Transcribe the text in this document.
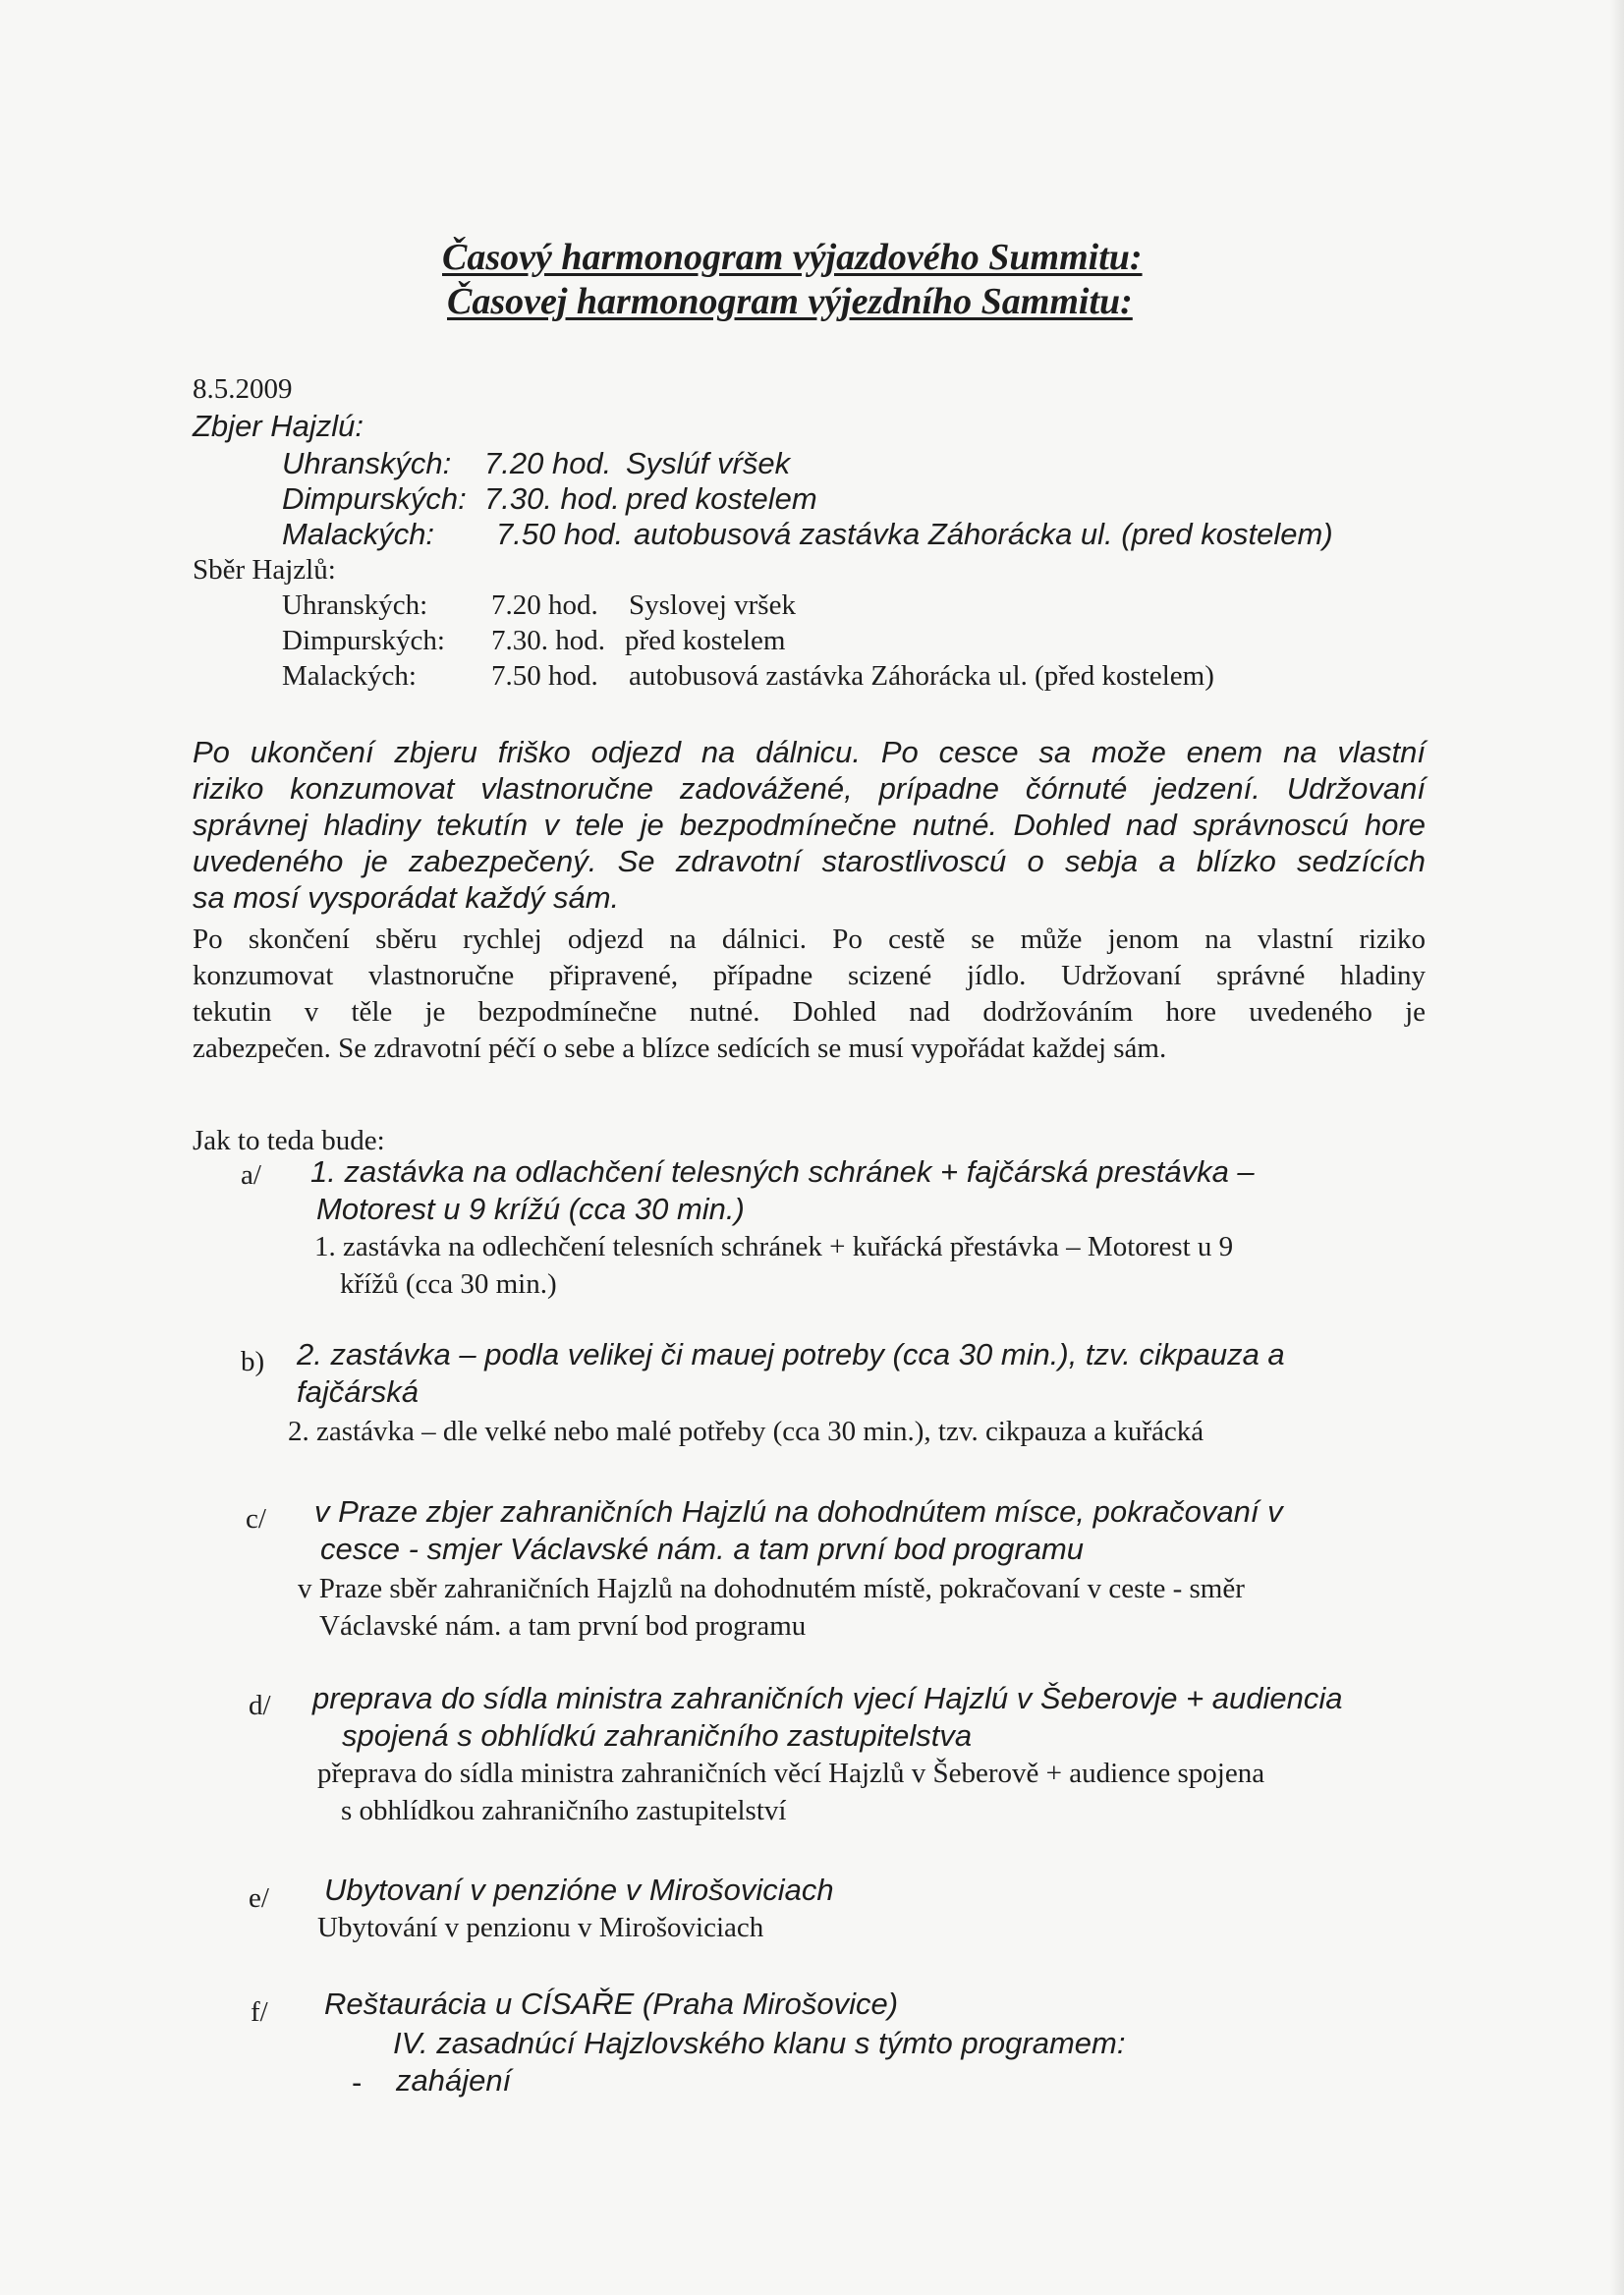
Časový harmonogram výjazdového Summitu:
Časovej harmonogram výjezdního Sammitu:
8.5.2009
Zbjer Hajzlú:
Uhranských: 7.20 hod. Syslúf vŕšek
Dimpurských: 7.30. hod. pred kostelem
Malackých: 7.50 hod. autobusová zastávka Záhorácka ul. (pred kostelem)
Sběr Hajzlů:
Uhranských: 7.20 hod. Syslovej vršek
Dimpurských: 7.30. hod. před kostelem
Malackých:	7.50 hod. autobusová zastávka Záhorácka ul. (před kostelem)
Po ukončení zbjeru friško odjezd na dálnicu. Po cesce sa može enem na vlastní
riziko konzumovat vlastnoručne zadovážené, prípadne čórnuté jedzení. Udržovaní
správnej hladiny tekutín v tele je bezpodmínečne nutné. Dohled nad správnoscú hore
uvedeného je zabezpečený. Se zdravotní starostlivoscú o sebja a blízko sedzících
sa mosí vysporádat každý sám.
Po skončení sběru rychlej odjezd na dálnici. Po cestě se může jenom na vlastní riziko
konzumovat vlastnoručne připravené, případne scizené jídlo. Udržovaní správné hladiny
tekutin v těle je bezpodmínečne nutné. Dohled nad dodržováním hore uvedeného je
zabezpečen. Se zdravotní péčí o sebe a blízce sedících se musí vypořádat každej sám.
Jak to teda bude:
a/ 1. zastávka na odlachčení telesných schránek + fajčárská prestávka –
Motorest u 9 krížú (cca 30 min.)
1. zastávka na odlechčení telesních schránek + kuřácká přestávka – Motorest u 9
křížů (cca 30 min.)
b) 2. zastávka – podla velikej či mauej potreby (cca 30 min.), tzv. cikpauza a
fajčárská
2. zastávka – dle velké nebo malé potřeby (cca 30 min.), tzv. cikpauza a kuřácká
c/ v Praze zbjer zahraničních Hajzlú na dohodnútem mísce, pokračovaní v
cesce - smjer Václavské nám. a tam první bod programu
v Praze sběr zahraničních Hajzlů na dohodnutém místě, pokračovaní v ceste - směr
Václavské nám. a tam první bod programu
d/ preprava do sídla ministra zahraničních vjecí Hajzlú v Šeberovje + audiencia
spojená s obhlídkú zahraničního zastupitelstva
přeprava do sídla ministra zahraničních věcí Hajzlů v Šeberově + audience spojena
s obhlídkou zahraničního zastupitelství
e/ Ubytovaní v penzióne v Mirošoviciach
Ubytování v penzionu v Mirošoviciach
f/ Reštaurácia u CÍSAŘE (Praha Mirošovice)
IV. zasadnúcí Hajzlovského klanu s týmto programem:
- zahájení
